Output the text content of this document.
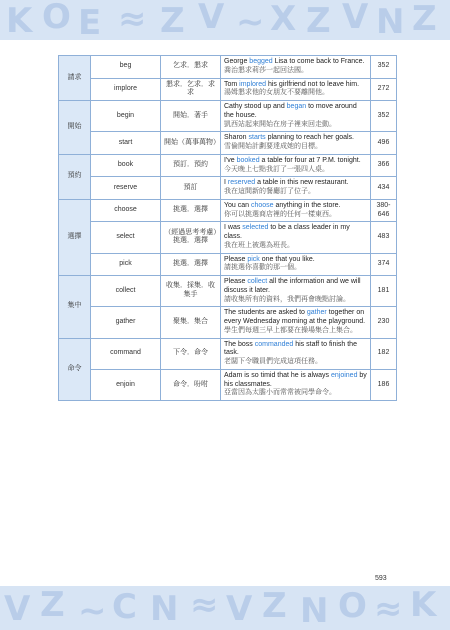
K O E ≈ Z V ~ X Z V N Z
請求	beg	乞求．懇求	George begged Lisa to come back to France.
喬治懇求莉莎一起回法國。	352
	implore	懇求．乞求．求求	Tom implored his girlfriend not to leave him.
湯姆懇求他的女朋友不要離開他。	272
開始	begin	開始．著手	Cathy stood up and began to move around the house.
凱西站起來開始在房子裡來回走動。	352
	start	開始（萬事萬物）	Sharon starts planning to reach her goals.
雪倫開始計劃要達成她的目標。	496
預約	book	預訂．預約	I've booked a table for four at 7 P.M. tonight.
今天晚上七點我訂了一張四人桌。	366
	reserve	預訂	I reserved a table in this new restaurant.
我在這間新的餐廳訂了位子。	434
選擇	choose	挑選．選擇	You can choose anything in the store.
你可以挑選商店裡的任何一樣東西。	380-646
	select	（經過思考考慮）挑選．選擇	I was selected to be a class leader in my class.
我在班上被選為班長。	483
	pick	挑選．選擇	Please pick one that you like.
請挑選你喜歡的那一個。	374
集中	collect	收集．採集．收集手	Please collect all the information and we will discuss it later.
請收集所有的資料，我們再會晚點討論。	181
	gather	聚集．集合	The students are asked to gather together on every Wednesday morning at the playground.
學生們每週三早上都要在操場集合上集合。	230
命令	command	下令．命令	The boss commanded his staff to finish the task.
老闆下令職員們完成這項任務。	182
	enjoin	命令．吩咐	Adam is so timid that he is always enjoined by his classmates.
亞當因為太膽小而常常被同學命令。	186
593
V Z ~ C N ≈ V Z N O ≈ K
